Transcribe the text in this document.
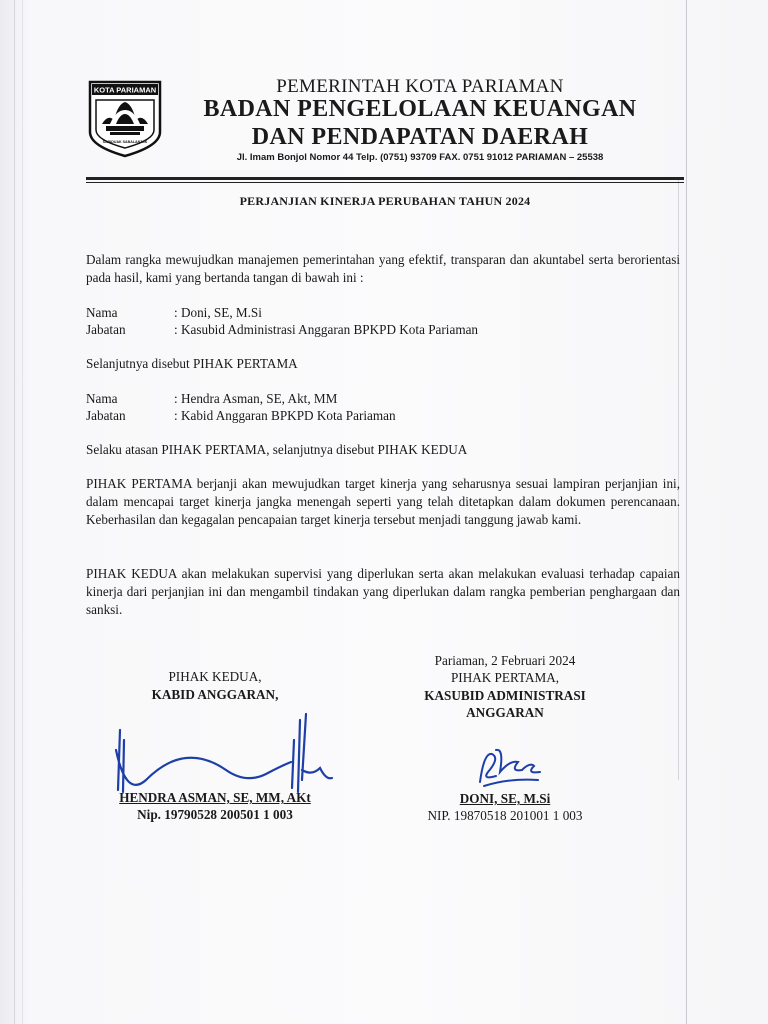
KOTA PARIAMAN
SABIDUAK SABALANTAK
PEMERINTAH KOTA PARIAMAN
BADAN PENGELOLAAN KEUANGAN
DAN PENDAPATAN DAERAH
Jl. Imam Bonjol Nomor 44 Telp. (0751) 93709 FAX. 0751 91012 PARIAMAN – 25538
PERJANJIAN KINERJA PERUBAHAN TAHUN 2024
Dalam rangka mewujudkan manajemen pemerintahan yang efektif, transparan dan akuntabel serta berorientasi pada hasil, kami yang bertanda tangan di bawah ini :
Nama	: Doni, SE, M.Si
Jabatan	: Kasubid Administrasi Anggaran BPKPD Kota Pariaman
Selanjutnya disebut PIHAK PERTAMA
Nama	: Hendra Asman, SE, Akt, MM
Jabatan	: Kabid Anggaran BPKPD Kota Pariaman
Selaku atasan PIHAK PERTAMA, selanjutnya disebut PIHAK KEDUA
PIHAK PERTAMA berjanji akan mewujudkan target kinerja yang seharusnya sesuai lampiran perjanjian ini, dalam mencapai target kinerja jangka menengah seperti yang telah ditetapkan dalam dokumen perencanaan. Keberhasilan dan kegagalan pencapaian target kinerja tersebut menjadi tanggung jawab kami.
PIHAK KEDUA akan melakukan supervisi yang diperlukan serta akan melakukan evaluasi terhadap capaian kinerja dari perjanjian ini dan mengambil tindakan yang diperlukan dalam rangka pemberian penghargaan dan sanksi.
PIHAK KEDUA,
KABID ANGGARAN,
HENDRA ASMAN, SE, MM, AKt
Nip. 19790528 200501 1 003
Pariaman, 2 Februari 2024
PIHAK PERTAMA,
KASUBID ADMINISTRASI
ANGGARAN
DONI, SE, M.Si
NIP. 19870518 201001 1 003
